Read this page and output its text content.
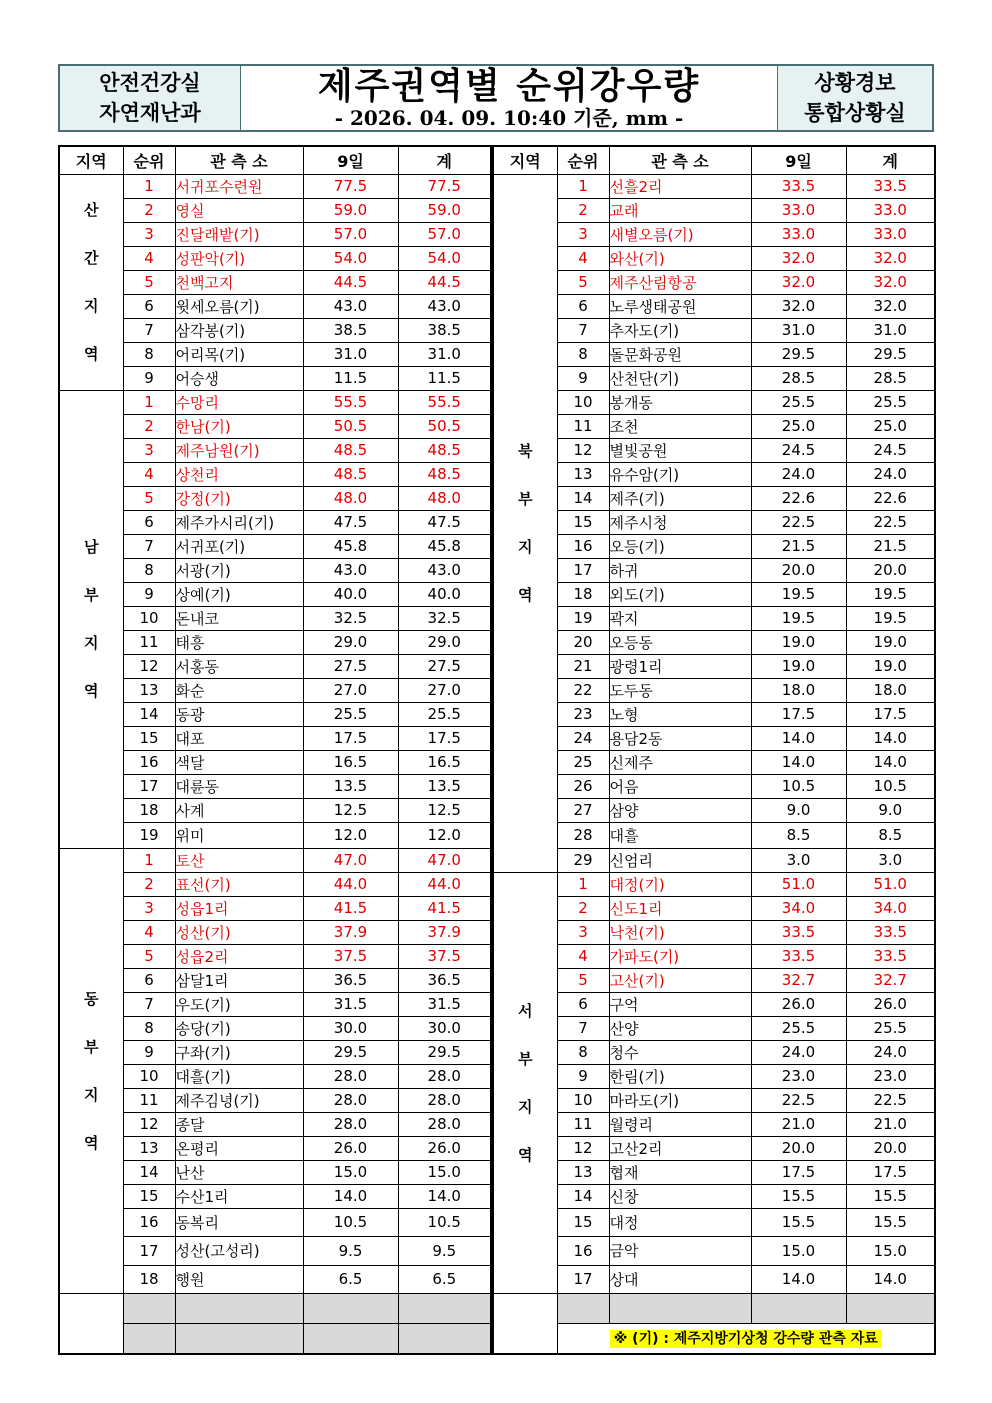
안전건강실
자연재난과
제주권역별 순위강우량
- 2026. 04. 09. 10:40 기준, mm -
상황경보
통합상황실
지역	순위	관 측 소	9일	계
산
간
지
역	1	서귀포수련원	77.5	77.5
	2	영실	59.0	59.0
	3	진달래밭(기)	57.0	57.0
	4	성판악(기)	54.0	54.0
	5	천백고지	44.5	44.5
	6	윗세오름(기)	43.0	43.0
	7	삼각봉(기)	38.5	38.5
	8	어리목(기)	31.0	31.0
	9	어승생	11.5	11.5
남
부
지
역	1	수망리	55.5	55.5
	2	한남(기)	50.5	50.5
	3	제주남원(기)	48.5	48.5
	4	상천리	48.5	48.5
	5	강정(기)	48.0	48.0
	6	제주가시리(기)	47.5	47.5
	7	서귀포(기)	45.8	45.8
	8	서광(기)	43.0	43.0
	9	상예(기)	40.0	40.0
	10	돈내코	32.5	32.5
	11	태흥	29.0	29.0
	12	서홍동	27.5	27.5
	13	화순	27.0	27.0
	14	동광	25.5	25.5
	15	대포	17.5	17.5
	16	색달	16.5	16.5
	17	대륜동	13.5	13.5
	18	사계	12.5	12.5
	19	위미	12.0	12.0
동
부
지
역	1	토산	47.0	47.0
	2	표선(기)	44.0	44.0
	3	성읍1리	41.5	41.5
	4	성산(기)	37.9	37.9
	5	성읍2리	37.5	37.5
	6	삼달1리	36.5	36.5
	7	우도(기)	31.5	31.5
	8	송당(기)	30.0	30.0
	9	구좌(기)	29.5	29.5
	10	대흘(기)	28.0	28.0
	11	제주김녕(기)	28.0	28.0
	12	종달	28.0	28.0
	13	온평리	26.0	26.0
	14	난산	15.0	15.0
	15	수산1리	14.0	14.0
	16	동복리	10.5	10.5
	17	성산(고성리)	9.5	9.5
	18	행원	6.5	6.5

지역	순위	관 측 소	9일	계
북
부
지
역	1	선흘2리	33.5	33.5
	2	교래	33.0	33.0
	3	새별오름(기)	33.0	33.0
	4	와산(기)	32.0	32.0
	5	제주산림항공	32.0	32.0
	6	노루생태공원	32.0	32.0
	7	추자도(기)	31.0	31.0
	8	돌문화공원	29.5	29.5
	9	산천단(기)	28.5	28.5
	10	봉개동	25.5	25.5
	11	조천	25.0	25.0
	12	별빛공원	24.5	24.5
	13	유수암(기)	24.0	24.0
	14	제주(기)	22.6	22.6
	15	제주시청	22.5	22.5
	16	오등(기)	21.5	21.5
	17	하귀	20.0	20.0
	18	외도(기)	19.5	19.5
	19	곽지	19.5	19.5
	20	오등동	19.0	19.0
	21	광령1리	19.0	19.0
	22	도두동	18.0	18.0
	23	노형	17.5	17.5
	24	용담2동	14.0	14.0
	25	신제주	14.0	14.0
	26	어음	10.5	10.5
	27	삼양	9.0	9.0
	28	대흘	8.5	8.5
	29	신엄리	3.0	3.0
서
부
지
역	1	대정(기)	51.0	51.0
	2	신도1리	34.0	34.0
	3	낙천(기)	33.5	33.5
	4	가파도(기)	33.5	33.5
	5	고산(기)	32.7	32.7
	6	구억	26.0	26.0
	7	산양	25.5	25.5
	8	청수	24.0	24.0
	9	한림(기)	23.0	23.0
	10	마라도(기)	22.5	22.5
	11	월령리	21.0	21.0
	12	고산2리	20.0	20.0
	13	협재	17.5	17.5
	14	신창	15.5	15.5
	15	대정	15.5	15.5
	16	금악	15.0	15.0
	17	상대	14.0	14.0

	※ (기) : 제주지방기상청 강수량 관측 자료			
